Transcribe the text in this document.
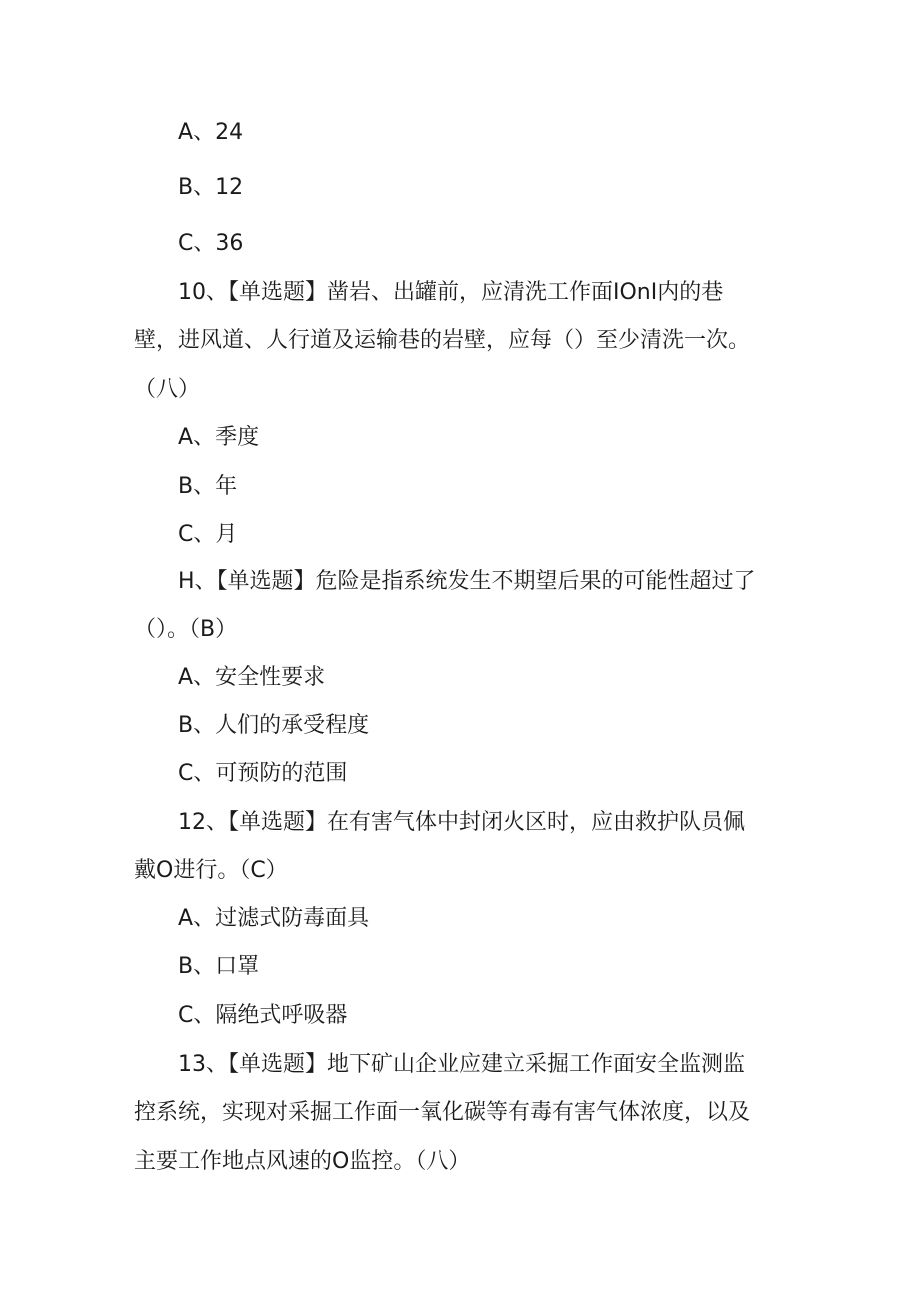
A、24
B、12
C、36
10、【单选题】凿岩、出罐前，应清洗工作面IOnI内的巷
壁，进风道、人行道及运输巷的岩壁，应每（）至少清洗一次。
（八）
A、季度
B、年
C、月
H、【单选题】危险是指系统发生不期望后果的可能性超过了
（）。（B）
A、安全性要求
B、人们的承受程度
C、可预防的范围
12、【单选题】在有害气体中封闭火区时，应由救护队员佩
戴O进行。（C）
A、过滤式防毒面具
B、口罩
C、隔绝式呼吸器
13、【单选题】地下矿山企业应建立采掘工作面安全监测监
控系统，实现对采掘工作面一氧化碳等有毒有害气体浓度，以及
主要工作地点风速的O监控。（八）
